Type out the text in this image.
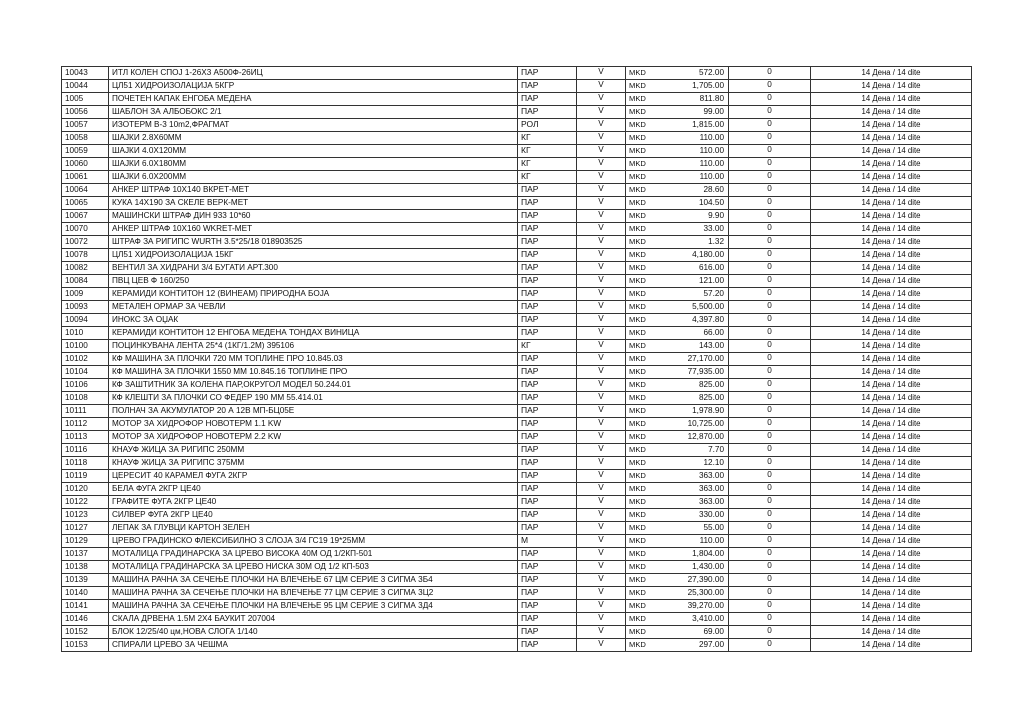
10043	ИТЛ КОЛЕН СПОЈ 1-26Х3 А500Ф-26ИЦ	ПАР	V	MKD	572.00	0	14 Дена / 14 dite
10044	ЦЛ51 ХИДРОИЗОЛАЦИЈА 5КГР	ПАР	V	MKD	1,705.00	0	14 Дена / 14 dite
1005	ПОЧЕТЕН КАПАК ЕНГОБА МЕДЕНА	ПАР	V	MKD	811.80	0	14 Дена / 14 dite
10056	ШАБЛОН ЗА АЛБОБОКС 2/1	ПАР	V	MKD	99.00	0	14 Дена / 14 dite
10057	ИЗОТЕРМ В-3 10m2,ФРАГМАТ	РОЛ	V	MKD	1,815.00	0	14 Дена / 14 dite
10058	ШАЈКИ 2.8Х60ММ	КГ	V	MKD	110.00	0	14 Дена / 14 dite
10059	ШАЈКИ 4.0Х120ММ	КГ	V	MKD	110.00	0	14 Дена / 14 dite
10060	ШАЈКИ 6.0Х180ММ	КГ	V	MKD	110.00	0	14 Дена / 14 dite
10061	ШАЈКИ 6.0Х200ММ	КГ	V	MKD	110.00	0	14 Дена / 14 dite
10064	АНКЕР ШТРАФ 10Х140 ВКРЕТ-МЕТ	ПАР	V	MKD	28.60	0	14 Дена / 14 dite
10065	КУКА 14Х190 ЗА СКЕЛЕ ВЕРК-МЕТ	ПАР	V	MKD	104.50	0	14 Дена / 14 dite
10067	МАШИНСКИ ШТРАФ ДИН 933 10*60	ПАР	V	MKD	9.90	0	14 Дена / 14 dite
10070	АНКЕР ШТРАФ 10Х160 WKRET-MET	ПАР	V	MKD	33.00	0	14 Дена / 14 dite
10072	ШТРАФ ЗА РИГИПС WURTH 3.5*25/18 018903525	ПАР	V	MKD	1.32	0	14 Дена / 14 dite
10078	ЦЛ51 ХИДРОИЗОЛАЦИЈА 15КГ	ПАР	V	MKD	4,180.00	0	14 Дена / 14 dite
10082	ВЕНТИЛ ЗА ХИДРАНИ 3/4 БУГАТИ АРТ.300	ПАР	V	MKD	616.00	0	14 Дена / 14 dite
10084	ПВЦ ЦЕВ Ф 160/250	ПАР	V	MKD	121.00	0	14 Дена / 14 dite
1009	КЕРАМИДИ КОНТИТОН 12 (ВИНЕАМ) ПРИРОДНА БОЈА	ПАР	V	MKD	57.20	0	14 Дена / 14 dite
10093	МЕТАЛЕН ОРМАР ЗА ЧЕВЛИ	ПАР	V	MKD	5,500.00	0	14 Дена / 14 dite
10094	ИНОКС ЗА ОЏАК	ПАР	V	MKD	4,397.80	0	14 Дена / 14 dite
1010	КЕРАМИДИ КОНТИТОН 12 ЕНГОБА МЕДЕНА ТОНДАХ ВИНИЦА	ПАР	V	MKD	66.00	0	14 Дена / 14 dite
10100	ПОЦИНКУВАНА ЛЕНТА 25*4 (1КГ/1.2М) 395106	КГ	V	MKD	143.00	0	14 Дена / 14 dite
10102	КФ МАШИНА ЗА ПЛОЧКИ 720 ММ ТОПЛИНЕ ПРО 10.845.03	ПАР	V	MKD	27,170.00	0	14 Дена / 14 dite
10104	КФ МАШИНА ЗА ПЛОЧКИ 1550 ММ 10.845.16 ТОПЛИНЕ ПРО	ПАР	V	MKD	77,935.00	0	14 Дена / 14 dite
10106	КФ ЗАШТИТНИК ЗА КОЛЕНА ПАР,ОКРУГОЛ МОДЕЛ 50.244.01	ПАР	V	MKD	825.00	0	14 Дена / 14 dite
10108	КФ КЛЕШТИ ЗА ПЛОЧКИ СО ФЕДЕР 190 ММ 55.414.01	ПАР	V	MKD	825.00	0	14 Дена / 14 dite
10111	ПОЛНАЧ ЗА АКУМУЛАТОР 20 А 12В МП-БЦ05Е	ПАР	V	MKD	1,978.90	0	14 Дена / 14 dite
10112	МОТОР ЗА ХИДРОФОР НОВОТЕРМ 1.1 KW	ПАР	V	MKD	10,725.00	0	14 Дена / 14 dite
10113	МОТОР ЗА ХИДРОФОР НОВОТЕРМ 2.2 KW	ПАР	V	MKD	12,870.00	0	14 Дена / 14 dite
10116	КНАУФ ЖИЦА ЗА РИГИПС 250ММ	ПАР	V	MKD	7.70	0	14 Дена / 14 dite
10118	КНАУФ ЖИЦА ЗА РИГИПС 375ММ	ПАР	V	MKD	12.10	0	14 Дена / 14 dite
10119	ЦЕРЕСИТ 40 КАРАМЕЛ ФУГА 2КГР	ПАР	V	MKD	363.00	0	14 Дена / 14 dite
10120	БЕЛА ФУГА 2КГР ЦЕ40	ПАР	V	MKD	363.00	0	14 Дена / 14 dite
10122	ГРАФИТЕ ФУГА 2КГР ЦЕ40	ПАР	V	MKD	363.00	0	14 Дена / 14 dite
10123	СИЛВЕР ФУГА 2КГР ЦЕ40	ПАР	V	MKD	330.00	0	14 Дена / 14 dite
10127	ЛЕПАК ЗА ГЛУВЦИ КАРТОН ЗЕЛЕН	ПАР	V	MKD	55.00	0	14 Дена / 14 dite
10129	ЦРЕВО ГРАДИНСКО ФЛЕКСИБИЛНО 3 СЛОЈА 3/4 ГС19 19*25ММ	М	V	MKD	110.00	0	14 Дена / 14 dite
10137	МОТАЛИЦА ГРАДИНАРСКА ЗА ЦРЕВО ВИСОКА 40М ОД 1/2КП-501	ПАР	V	MKD	1,804.00	0	14 Дена / 14 dite
10138	МОТАЛИЦА ГРАДИНАРСКА ЗА ЦРЕВО НИСКА 30М ОД 1/2 КП-503	ПАР	V	MKD	1,430.00	0	14 Дена / 14 dite
10139	МАШИНА РАЧНА ЗА СЕЧЕЊЕ ПЛОЧКИ НА ВЛЕЧЕЊЕ 67 ЦМ СЕРИЕ 3 СИГМА 3Б4	ПАР	V	MKD	27,390.00	0	14 Дена / 14 dite
10140	МАШИНА РАЧНА ЗА СЕЧЕЊЕ ПЛОЧКИ НА ВЛЕЧЕЊЕ 77 ЦМ СЕРИЕ 3 СИГМА 3Ц2	ПАР	V	MKD	25,300.00	0	14 Дена / 14 dite
10141	МАШИНА РАЧНА ЗА СЕЧЕЊЕ ПЛОЧКИ НА ВЛЕЧЕЊЕ 95 ЦМ СЕРИЕ 3 СИГМА 3Д4	ПАР	V	MKD	39,270.00	0	14 Дена / 14 dite
10146	СКАЛА ДРВЕНА 1.5М 2Х4 БАУКИТ 207004	ПАР	V	MKD	3,410.00	0	14 Дена / 14 dite
10152	БЛОК 12/25/40 цм,НОВА СЛОГА 1/140	ПАР	V	MKD	69.00	0	14 Дена / 14 dite
10153	СПИРАЛИ ЦРЕВО ЗА ЧЕШМА	ПАР	V	MKD	297.00	0	14 Дена / 14 dite
